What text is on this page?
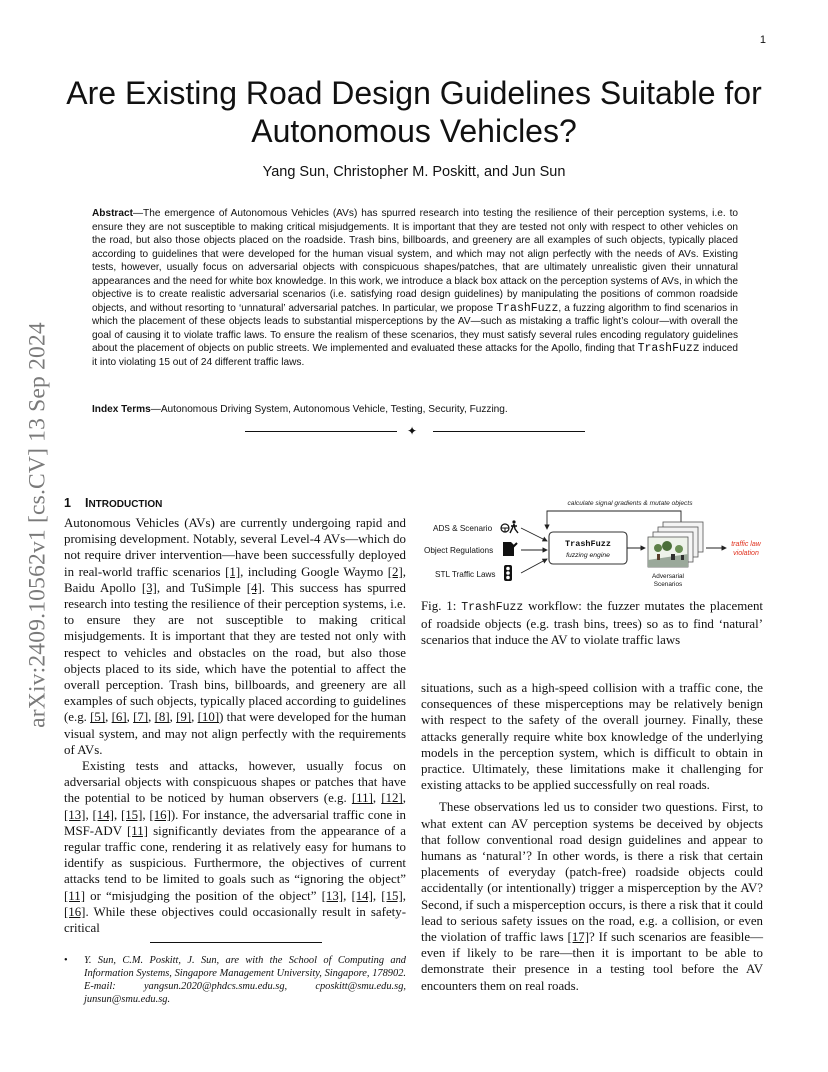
1
arXiv:2409.10562v1 [cs.CV] 13 Sep 2024
Are Existing Road Design Guidelines Suitable for Autonomous Vehicles?
Yang Sun, Christopher M. Poskitt, and Jun Sun

Abstract—The emergence of Autonomous Vehicles (AVs) has spurred research into testing the resilience of their perception systems, i.e. to ensure they are not susceptible to making critical misjudgements. It is important that they are tested not only with respect to other vehicles on the road, but also those objects placed on the roadside. Trash bins, billboards, and greenery are all examples of such objects, typically placed according to guidelines that were developed for the human visual system, and which may not align perfectly with the needs of AVs. Existing tests, however, usually focus on adversarial objects with conspicuous shapes/patches, that are ultimately unrealistic given their unnatural appearances and the need for white box knowledge. In this work, we introduce a black box attack on the perception systems of AVs, in which the objective is to create realistic adversarial scenarios (i.e. satisfying road design guidelines) by manipulating the positions of common roadside objects, and without resorting to ‘unnatural’ adversarial patches. In particular, we propose TrashFuzz, a fuzzing algorithm to find scenarios in which the placement of these objects leads to substantial misperceptions by the AV—such as mistaking a traffic light’s colour—with overall the goal of causing it to violate traffic laws. To ensure the realism of these scenarios, they must satisfy several rules encoding regulatory guidelines about the placement of objects on public streets. We implemented and evaluated these attacks for the Apollo, finding that TrashFuzz induced it into violating 15 out of 24 different traffic laws.

Index Terms—Autonomous Driving System, Autonomous Vehicle, Testing, Security, Fuzzing.

✦
1 INTRODUCTION

Autonomous Vehicles (AVs) are currently undergoing rapid and promising development. Notably, several Level-4 AVs—which do not require driver intervention—have been successfully deployed in real-world traffic scenarios [1], including Google Waymo [2], Baidu Apollo [3], and TuSimple [4]. This success has spurred research into testing the resilience of their perception systems, i.e. to ensure they are not susceptible to making critical misjudgements. It is important that they are tested not only with respect to vehicles and obstacles on the road, but also those objects placed to its side, which have the potential to affect the overall perception. Trash bins, billboards, and greenery are all examples of such objects, typically placed according to guidelines (e.g. [5], [6], [7], [8], [9], [10]) that were developed for the human visual system, and may not align perfectly with the requirements of AVs.

Existing tests and attacks, however, usually focus on adversarial objects with conspicuous shapes or patches that have the potential to be noticed by human observers (e.g. [11], [12], [13], [14], [15], [16]). For instance, the adversarial traffic cone in MSF-ADV [11] significantly deviates from the appearance of a regular traffic cone, rendering it as relatively easy for humans to identify as suspicious. Furthermore, the objectives of current attacks tend to be limited to goals such as “ignoring the object” [11] or “misjudging the position of the object” [13], [14], [15], [16]. While these objectives could occasionally result in safety-critical

•	Y. Sun, C.M. Poskitt, J. Sun, are with the School of Computing and Information Systems, Singapore Management University, Singapore, 178902. E-mail: yangsun.2020@phdcs.smu.edu.sg, cposkitt@smu.edu.sg, junsun@smu.edu.sg.
calculate signal gradients & mutate objects
ADS & Scenario
Object Regulations
STL Traffic Laws
TrashFuzz
fuzzing engine
Adversarial
Scenarios
traffic law
violation

Fig. 1: TrashFuzz workflow: the fuzzer mutates the placement of roadside objects (e.g. trash bins, trees) so as to find ‘natural’ scenarios that induce the AV to violate traffic laws

situations, such as a high-speed collision with a traffic cone, the consequences of these misperceptions may be relatively benign with respect to the safety of the overall journey. Finally, these attacks generally require white box knowledge of the underlying models in the perception system, which is difficult to obtain in practice. Ultimately, these limitations make it challenging for existing attacks to be applied successfully on real roads.

These observations led us to consider two questions. First, to what extent can AV perception systems be deceived by objects that follow conventional road design guidelines and appear to humans as ‘natural’? In other words, is there a risk that certain placements of everyday (patch-free) roadside objects could accidentally (or intentionally) trigger a misperception by the AV? Second, if such a misperception occurs, is there a risk that it could lead to serious safety issues on the road, e.g. a collision, or even the violation of traffic laws [17]? If such scenarios are feasible—even if likely to be rare—then it is important to be able to demonstrate their presence in a testing tool before the AV encounters them on real roads.
